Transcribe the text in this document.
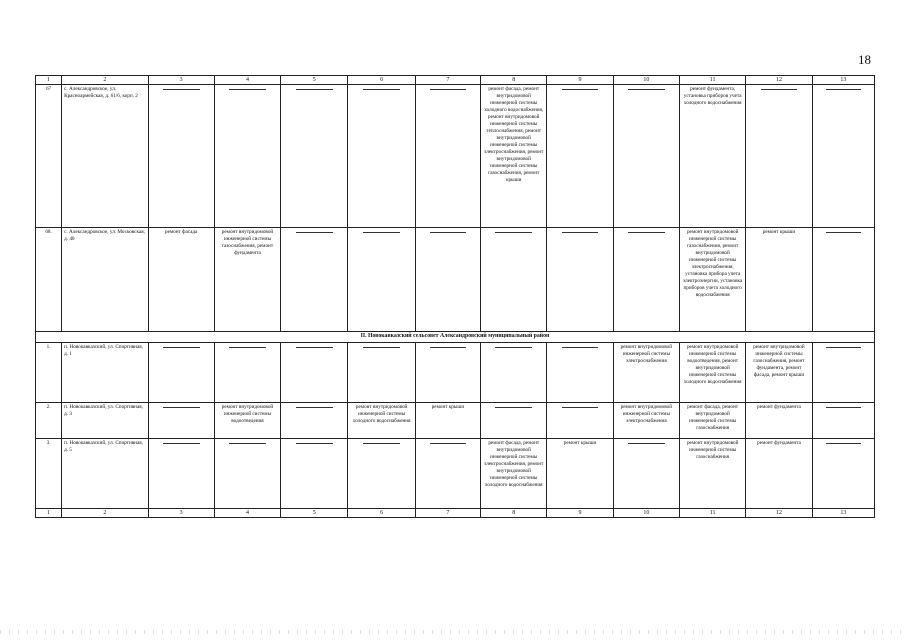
18
1	2	3	4	5	6	7	8	9	10	11	12	13
67	с. Александровское, ул. Красноармейская, д. 61/6, корп. 2						ремонт фасада, ремонт внутридомовой инженерной системы холодного водоснабжения, ремонт внутридомовой инженерной системы теплоснабжения, ремонт внутридомовой инженерной системы электроснабжения, ремонт внутридомовой инженерной системы газоснабжения, ремонт крыши			ремонт фундамента, установка приборов учета холодного водоснабжения	

68.	с. Александровское, ул. Московская, д. 40	ремонт фасада	ремонт внутридомовой инженерной системы газоснабжения, ремонт фундамента							ремонт внутридомовой инженерной системы газоснабжения, ремонт внутридомовой инженерной системы электроснабжения, установка прибора учета электроэнергии, установка приборов учета холодного водоснабжения	ремонт крыши	

II. Новокавказский сельсовет Александровский муниципальный район												
1.	п. Новокавказский, ул. Спортивная, д. 1								ремонт внутридомовой инженерной системы электроснабжения	ремонт внутридомовой инженерной системы водоотведения, ремонт внутридомовой инженерной системы холодного водоснабжения	ремонт внутридомовой инженерной системы газоснабжения, ремонт фундамента, ремонт фасада, ремонт крыши	

2.	п. Новокавказский, ул. Спортивная, д. 3		ремонт внутридомовой инженерной системы водоотведения		ремонт внутридомовой инженерной системы холодного водоснабжения	ремонт крыши			ремонт внутридомовой инженерной системы электроснабжения	ремонт фасада, ремонт внутридомовой инженерной системы газоснабжения	ремонт фундамента	

3.	п. Новокавказский, ул. Спортивная, д. 5						ремонт фасада, ремонт внутридомовой инженерной системы электроснабжения, ремонт внутридомовой инженерной системы холодного водоснабжения	ремонт крыши		ремонт внутридомовой инженерной системы газоснабжения	ремонт фундамента	

1	2	3	4	5	6	7	8	9	10	11	12	13
